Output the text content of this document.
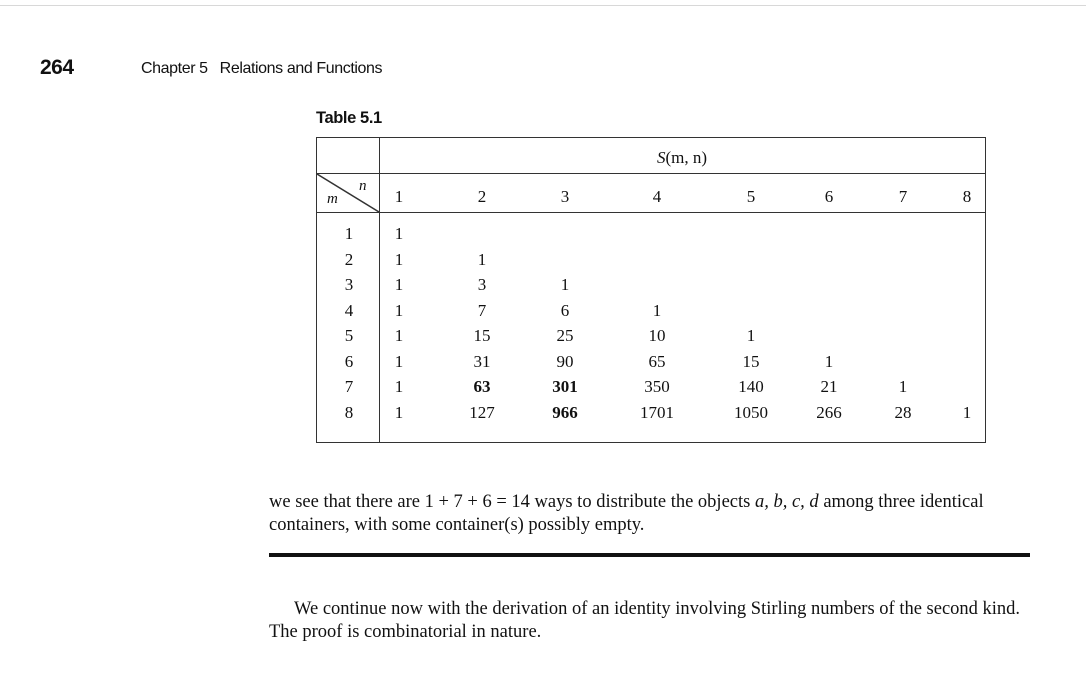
264	Chapter 5 Relations and Functions
Table 5.1
S(m, n)
m
n
1	2	3	4	5	6	7	8
1	1
2	1	1
3	1	3	1
4	1	7	6	1
5	1	15	25	10	1
6	1	31	90	65	15	1
7	1	63	301	350	140	21	1
8	1	127	966	1701	1050	266	28	1
we see that there are 1 + 7 + 6 = 14 ways to distribute the objects a, b, c, d among three identical containers, with some container(s) possibly empty.
We continue now with the derivation of an identity involving Stirling numbers of the second kind. The proof is combinatorial in nature.
